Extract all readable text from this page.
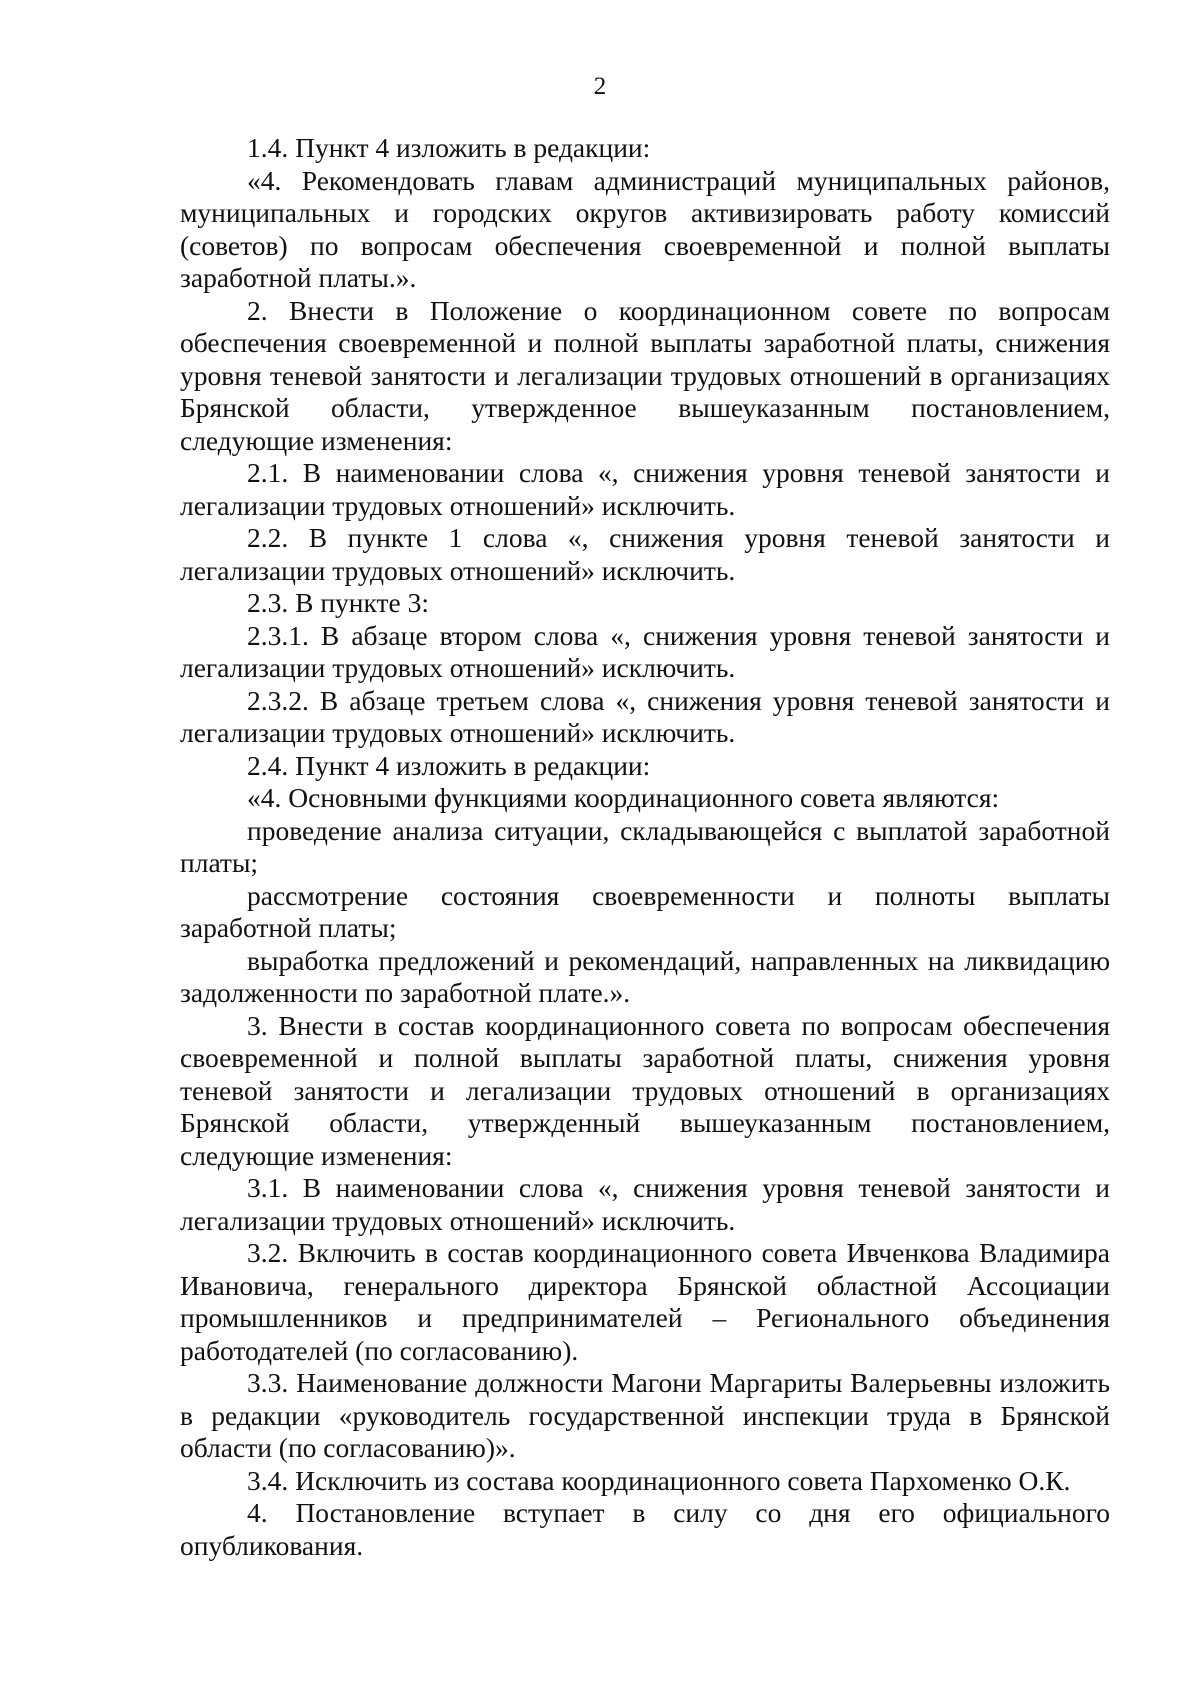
2

1.4. Пункт 4 изложить в редакции:

«4. Рекомендовать главам администраций муниципальных районов, муниципальных и городских округов активизировать работу комиссий (советов) по вопросам обеспечения своевременной и полной выплаты заработной платы.».

2. Внести в Положение о координационном совете по вопросам обеспечения своевременной и полной выплаты заработной платы, снижения уровня теневой занятости и легализации трудовых отношений в организациях Брянской области, утвержденное вышеуказанным постановлением, следующие изменения:

2.1. В наименовании слова «, снижения уровня теневой занятости и легализации трудовых отношений» исключить.

2.2. В пункте 1 слова «, снижения уровня теневой занятости и легализации трудовых отношений» исключить.

2.3. В пункте 3:

2.3.1. В абзаце втором слова «, снижения уровня теневой занятости и легализации трудовых отношений» исключить.

2.3.2. В абзаце третьем слова «, снижения уровня теневой занятости и легализации трудовых отношений» исключить.

2.4. Пункт 4 изложить в редакции:

«4. Основными функциями координационного совета являются:

проведение анализа ситуации, складывающейся с выплатой заработной платы;

рассмотрение состояния своевременности и полноты выплаты заработной платы;

выработка предложений и рекомендаций, направленных на ликвидацию задолженности по заработной плате.».

3. Внести в состав координационного совета по вопросам обеспечения своевременной и полной выплаты заработной платы, снижения уровня теневой занятости и легализации трудовых отношений в организациях Брянской области, утвержденный вышеуказанным постановлением, следующие изменения:

3.1. В наименовании слова «, снижения уровня теневой занятости и легализации трудовых отношений» исключить.

3.2. Включить в состав координационного совета Ивченкова Владимира Ивановича, генерального директора Брянской областной Ассоциации промышленников и предпринимателей – Регионального объединения работодателей (по согласованию).

3.3. Наименование должности Магони Маргариты Валерьевны изложить в редакции «руководитель государственной инспекции труда в Брянской области (по согласованию)».

3.4. Исключить из состава координационного совета Пархоменко О.К.

4. Постановление вступает в силу со дня его официального опубликования.
